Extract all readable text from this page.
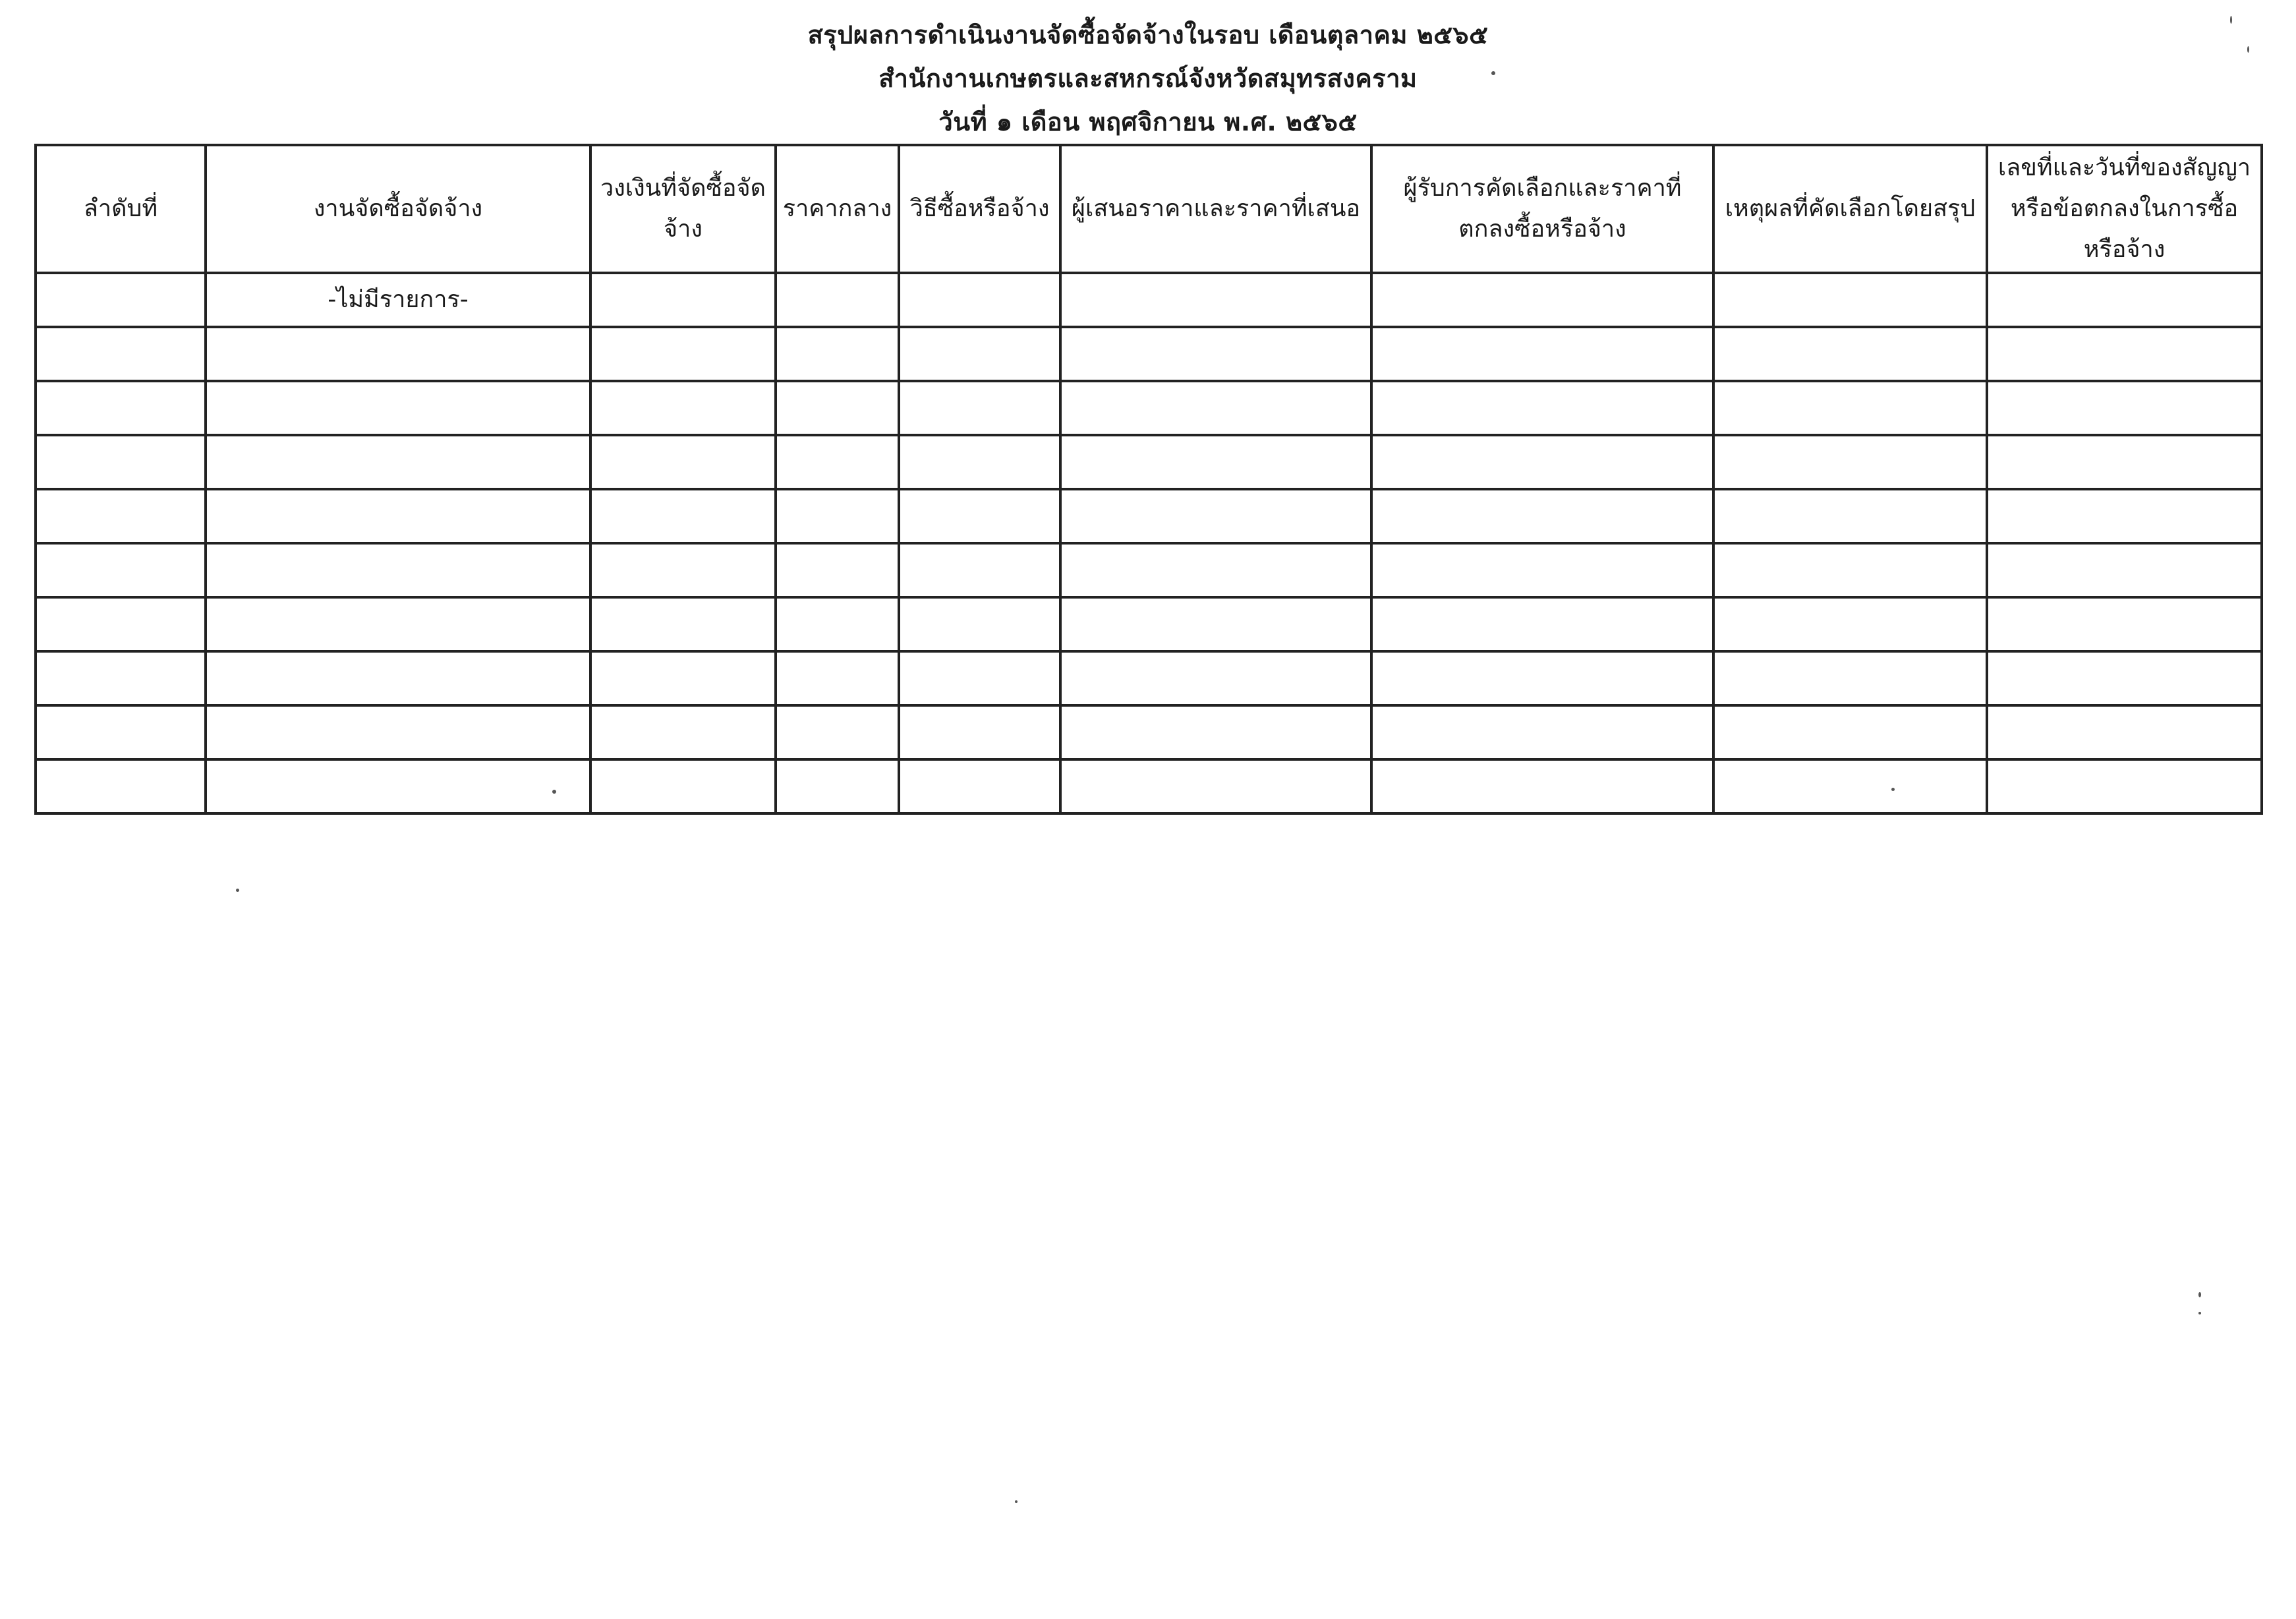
สรุปผลการดำเนินงานจัดซื้อจัดจ้างในรอบ เดือนตุลาคม ๒๕๖๕
สำนักงานเกษตรและสหกรณ์จังหวัดสมุทรสงคราม
วันที่ ๑ เดือน พฤศจิกายน พ.ศ. ๒๕๖๕
ลำดับที่	งานจัดซื้อจัดจ้าง	วงเงินที่จัดซื้อจัดจ้าง	ราคากลาง	วิธีซื้อหรือจ้าง	ผู้เสนอราคาและราคาที่เสนอ	ผู้รับการคัดเลือกและราคาที่ตกลงซื้อหรือจ้าง	เหตุผลที่คัดเลือกโดยสรุป	เลขที่และวันที่ของสัญญาหรือข้อตกลงในการซื้อหรือจ้าง
	-ไม่มีรายการ-							
